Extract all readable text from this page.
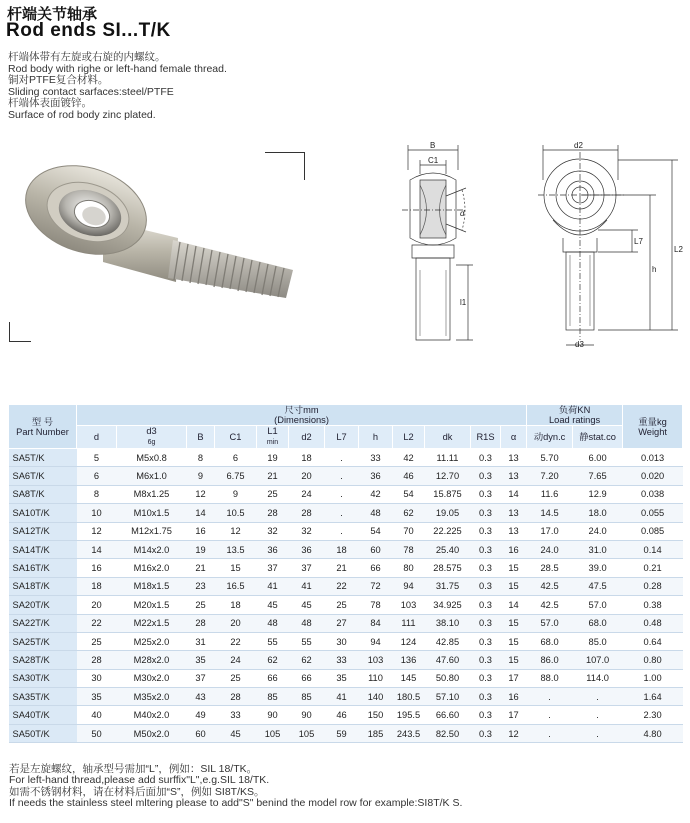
杆端关节轴承
Rod ends SI...T/K
杆端体带有左旋或右旋的内螺纹。
Rod body with righe or left-hand female thread.
铜对PTFE复合材料。
Sliding contact sarfaces:steel/PTFE
杆端体表面镀锌。
Surface of rod body zinc plated.
B
C1
d
l1
d2
L7
L2
h
d3
型 号
Part Number	尺寸mm
(Dimensions)												负荷KN
Load ratings		重量kg
Weight
	d	d3
6g	B	C1	L1
min	d2	L7	h	L2	dk	R1S	α	动dyn.c	静stat.co	
SA5T/K	5	M5x0.8	8	6	19	18	.	33	42	11.11	0.3	13	5.70	6.00	0.013
SA6T/K	6	M6x1.0	9	6.75	21	20	.	36	46	12.70	0.3	13	7.20	7.65	0.020
SA8T/K	8	M8x1.25	12	9	25	24	.	42	54	15.875	0.3	14	11.6	12.9	0.038
SA10T/K	10	M10x1.5	14	10.5	28	28	.	48	62	19.05	0.3	13	14.5	18.0	0.055
SA12T/K	12	M12x1.75	16	12	32	32	.	54	70	22.225	0.3	13	17.0	24.0	0.085
SA14T/K	14	M14x2.0	19	13.5	36	36	18	60	78	25.40	0.3	16	24.0	31.0	0.14
SA16T/K	16	M16x2.0	21	15	37	37	21	66	80	28.575	0.3	15	28.5	39.0	0.21
SA18T/K	18	M18x1.5	23	16.5	41	41	22	72	94	31.75	0.3	15	42.5	47.5	0.28
SA20T/K	20	M20x1.5	25	18	45	45	25	78	103	34.925	0.3	14	42.5	57.0	0.38
SA22T/K	22	M22x1.5	28	20	48	48	27	84	111	38.10	0.3	15	57.0	68.0	0.48
SA25T/K	25	M25x2.0	31	22	55	55	30	94	124	42.85	0.3	15	68.0	85.0	0.64
SA28T/K	28	M28x2.0	35	24	62	62	33	103	136	47.60	0.3	15	86.0	107.0	0.80
SA30T/K	30	M30x2.0	37	25	66	66	35	110	145	50.80	0.3	17	88.0	114.0	1.00
SA35T/K	35	M35x2.0	43	28	85	85	41	140	180.5	57.10	0.3	16	.	.	1.64
SA40T/K	40	M40x2.0	49	33	90	90	46	150	195.5	66.60	0.3	17	.	.	2.30
SA50T/K	50	M50x2.0	60	45	105	105	59	185	243.5	82.50	0.3	12	.	.	4.80
若是左旋螺纹，轴承型号需加“L”，例如：SIL 18/TK。
For left-hand thread,please add surffix"L",e.g.SIL 18/TK.
如需不锈钢材料，请在材料后面加“S”，例如 SI8T/KS。
If needs the stainless steel mltering please to add"S" benind the model row for example:SI8T/K S.
